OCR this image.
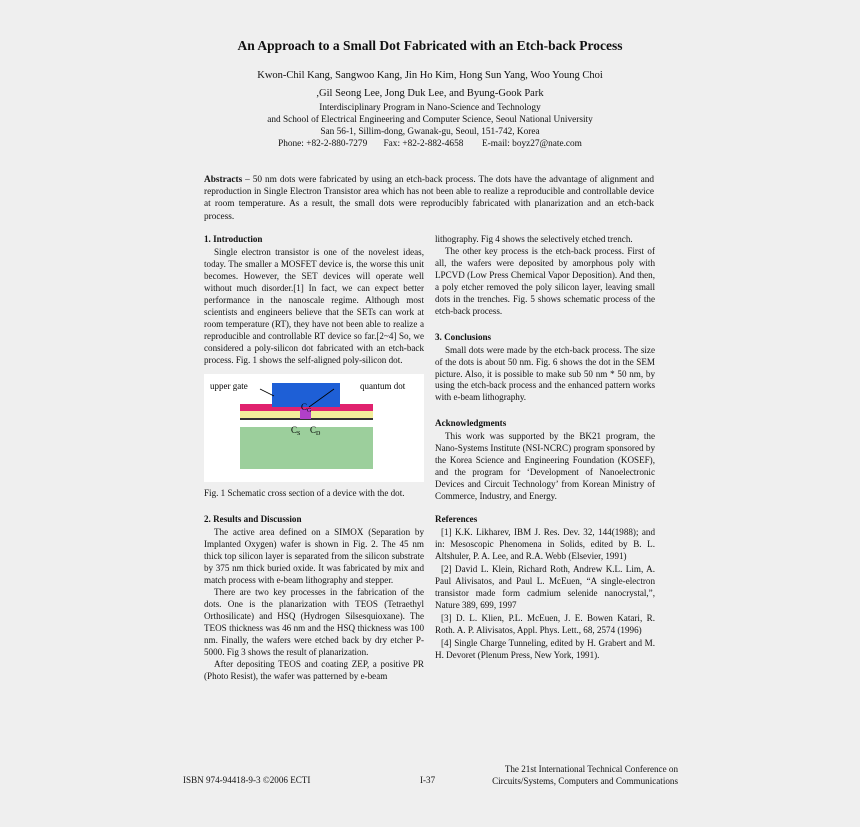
An Approach to a Small Dot Fabricated with an Etch-back Process
Kwon-Chil Kang, Sangwoo Kang, Jin Ho Kim, Hong Sun Yang, Woo Young Choi
,Gil Seong Lee, Jong Duk Lee, and Byung-Gook Park
Interdisciplinary Program in Nano-Science and Technology
and School of Electrical Engineering and Computer Science, Seoul National University
San 56-1, Sillim-dong, Gwanak-gu, Seoul, 151-742, Korea
Phone: +82-2-880-7279       Fax: +82-2-882-4658        E-mail: boyz27@nate.com
Abstracts – 50 nm dots were fabricated by using an etch-back process. The dots have the advantage of alignment and reproduction in Single Electron Transistor area which has not been able to realize a reproducible and controllable device at room temperature. As a result, the small dots were reproducibly fabricated with planarization and an etch-back process.

1. Introduction

Single electron transistor is one of the novelest ideas, today. The smaller a MOSFET device is, the worse this unit becomes. However, the SET devices will operate well without much disorder.[1] In fact, we can expect better performance in the nanoscale regime. Although most scientists and engineers believe that the SETs can work at room temperature (RT), they have not been able to realize a reproducible and controllable RT device so far.[2~4] So, we considered a poly-silicon dot fabricated with an etch-back process. Fig. 1 shows the self-aligned poly-silicon dot.

upper gate	quantum dot
$C_G$
$C_S$ $C_D$

Fig. 1 Schematic cross section of a device with the dot.

2. Results and Discussion

The active area defined on a SIMOX (Separation by Implanted Oxygen) wafer is shown in Fig. 2. The 45 nm thick top silicon layer is separated from the silicon substrate by 375 nm thick buried oxide. It was fabricated by mix and match process with e-beam lithography and stepper.

There are two key processes in the fabrication of the dots. One is the planarization with TEOS (Tetraethyl Orthosilicate) and HSQ (Hydrogen Silsesquioxane). The TEOS thickness was 46 nm and the HSQ thickness was 100 nm. Finally, the wafers were etched back by dry etcher P-5000. Fig 3 shows the result of planarization.

After depositing TEOS and coating ZEP, a positive PR (Photo Resist), the wafer was patterned by e-beam

lithography. Fig 4 shows the selectively etched trench.

The other key process is the etch-back process. First of all, the wafers were deposited by amorphous poly with LPCVD (Low Press Chemical Vapor Deposition). And then, a poly etcher removed the poly silicon layer, leaving small dots in the trenches. Fig. 5 shows schematic process of the etch-back process.

3. Conclusions

Small dots were made by the etch-back process. The size of the dots is about 50 nm. Fig. 6 shows the dot in the SEM picture. Also, it is possible to make sub 50 nm * 50 nm, by using the etch-back process and the enhanced pattern works with e-beam lithography.

Acknowledgments

This work was supported by the BK21 program, the Nano-Systems Institute (NSI-NCRC) program sponsored by the Korea Science and Engineering Foundation (KOSEF), and the program for ‘Development of Nanoelectronic Devices and Circuit Technology’ from Korean Ministry of Commerce, Industry, and Energy.

References

[1] K.K. Likharev, IBM J. Res. Dev. 32, 144(1988); and in: Mesoscopic Phenomena in Solids, edited by B. L. Altshuler, P. A. Lee, and R.A. Webb (Elsevier, 1991)

[2] David L. Klein, Richard Roth, Andrew K.L. Lim, A. Paul Alivisatos, and Paul L. McEuen, “A single-electron transistor made form cadmium selenide nanocrystal,”, Nature 389, 699, 1997

[3] D. L. Klien, P.L. McEuen, J. E. Bowen Katari, R. Roth. A. P. Alivisatos, Appl. Phys. Lett., 68, 2574 (1996)

[4] Single Charge Tunneling, edited by H. Grabert and M. H. Devoret (Plenum Press, New York, 1991).

ISBN 974-94418-9-3 ©2006 ECTI	I-37
The 21st International Technical Conference on
Circuits/Systems, Computers and Communications
